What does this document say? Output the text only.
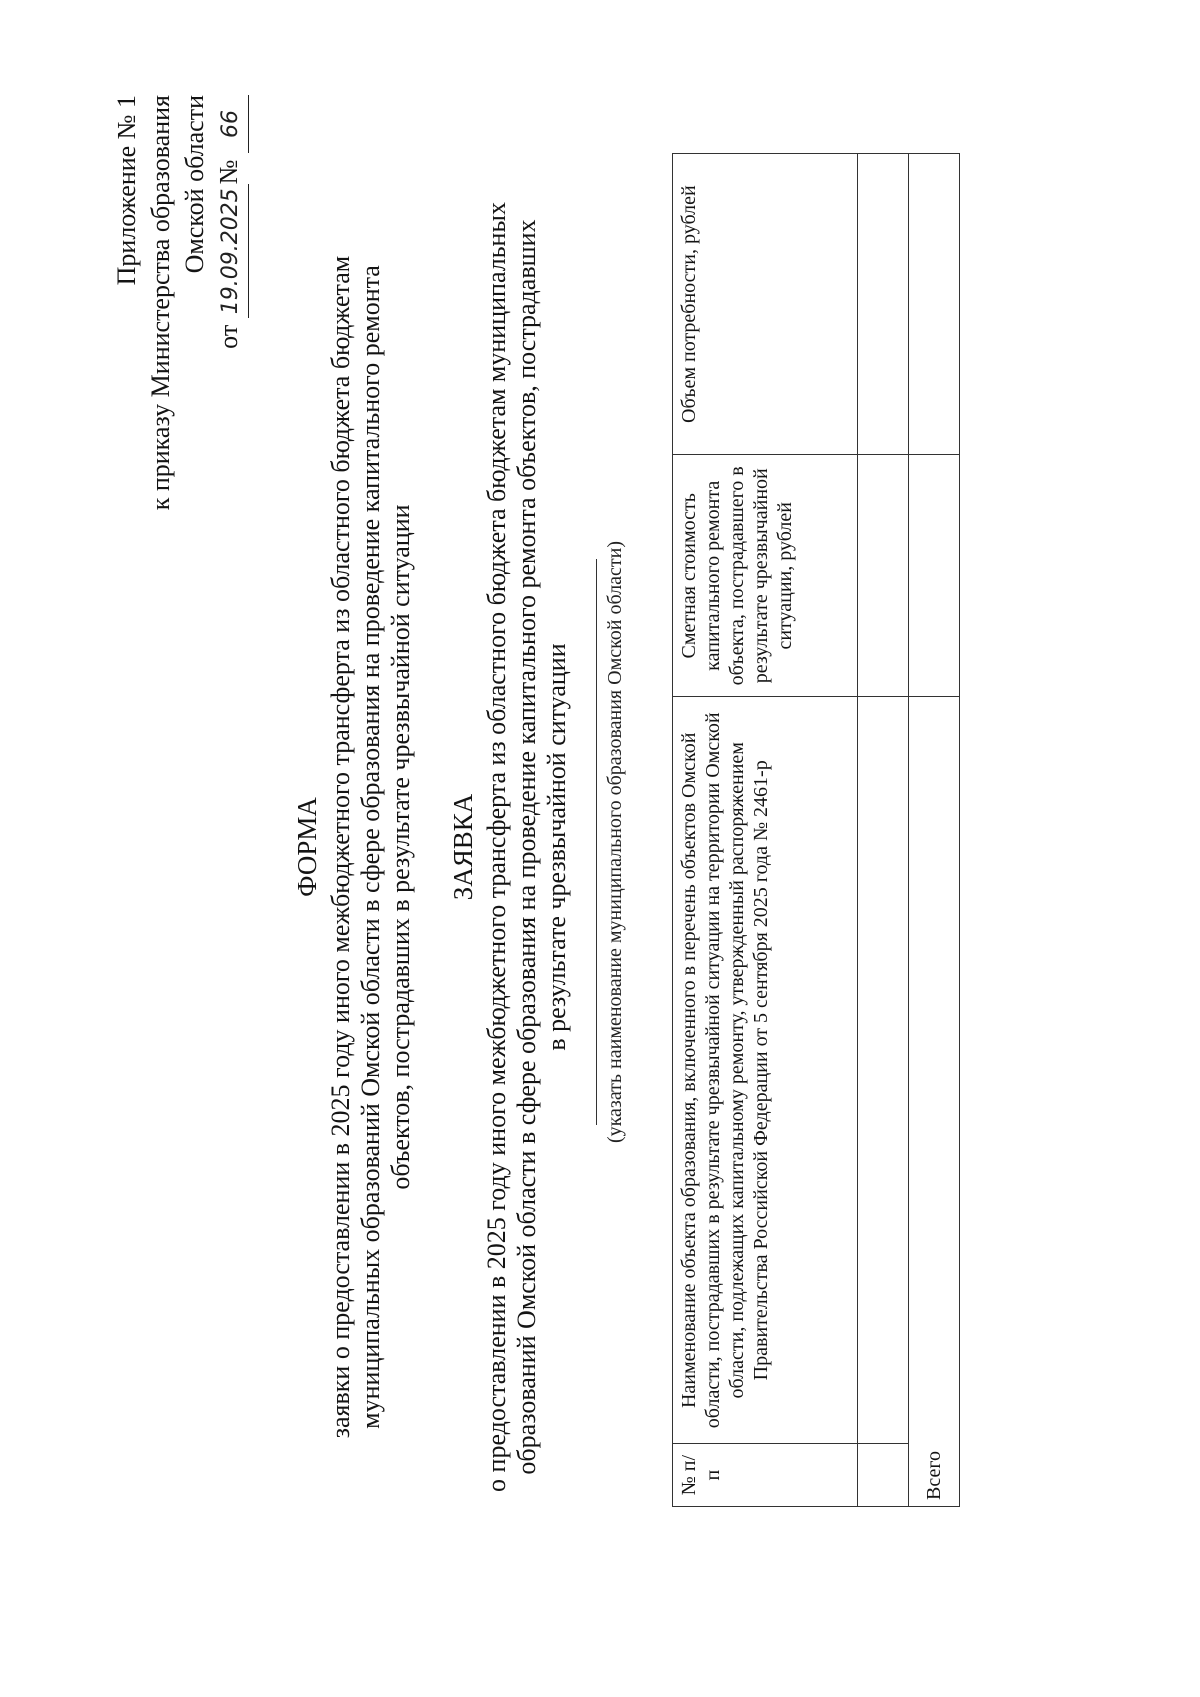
Приложение № 1 к приказу Министерства образования Омской области
от 19.09.2025№ 66
ФОРМА заявки о предоставлении в 2025 году иного межбюджетного трансферта из областного бюджета бюджетам муниципальных образований Омской области в сфере образования на проведение капитального ремонта объектов, пострадавших в результате чрезвычайной ситуации ЗАЯВКА о предоставлении в 2025 году иного межбюджетного трансферта из областного бюджета бюджетам муниципальных образований Омской области в сфере образования на проведение капитального ремонта объектов, пострадавших в результате чрезвычайной ситуации (указать наименование муниципального образования Омской области)
№ п/п	Наименование объекта образования, включенного в перечень объектов Омской области, пострадавших в результате чрезвычайной ситуации на территории Омской области, подлежащих капитальному ремонту, утвержденный распоряжением Правительства Российской Федерации от 5 сентября 2025 года № 2461-р	Сметная стоимость капитального ремонта объекта, пострадавшего в результате чрезвычайной ситуации, рублей	Объем потребности, рублей

Всего			
